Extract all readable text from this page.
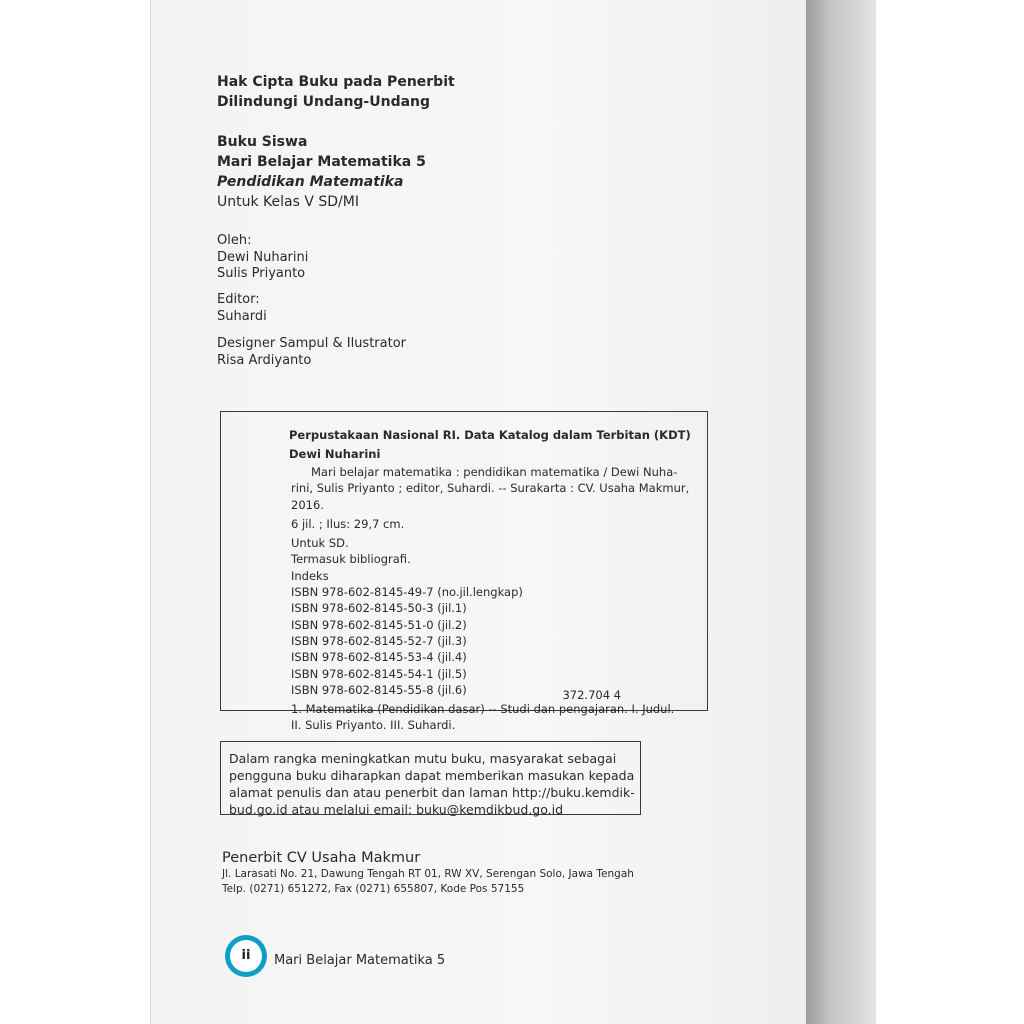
Hak Cipta Buku pada Penerbit
Dilindungi Undang-Undang
Buku Siswa
Mari Belajar Matematika 5
Pendidikan Matematika
Untuk Kelas V SD/MI
Oleh:
Dewi Nuharini
Sulis Priyanto
Editor:
Suhardi
Designer Sampul & Ilustrator
Risa Ardiyanto
Perpustakaan Nasional RI. Data Katalog dalam Terbitan (KDT)
Dewi Nuharini
Mari belajar matematika : pendidikan matematika / Dewi Nuha-
rini, Sulis Priyanto ; editor, Suhardi. -- Surakarta : CV. Usaha Makmur,
2016.
6 jil. ; Ilus: 29,7 cm.
Untuk SD.
Termasuk bibliografi.
Indeks
ISBN 978-602-8145-49-7 (no.jil.lengkap)
ISBN 978-602-8145-50-3 (jil.1)
ISBN 978-602-8145-51-0 (jil.2)
ISBN 978-602-8145-52-7 (jil.3)
ISBN 978-602-8145-53-4 (jil.4)
ISBN 978-602-8145-54-1 (jil.5)
ISBN 978-602-8145-55-8 (jil.6)
1. Matematika (Pendidikan dasar) -- Studi dan pengajaran. I. Judul.
II. Sulis Priyanto. III. Suhardi.
372.704 4
Dalam rangka meningkatkan mutu buku, masyarakat sebagai
pengguna buku diharapkan dapat memberikan masukan kepada
alamat penulis dan atau penerbit dan laman http://buku.kemdik-
bud.go.id atau melalui email: buku@kemdikbud.go.id
Penerbit CV Usaha Makmur
Jl. Larasati No. 21, Dawung Tengah RT 01, RW XV, Serengan Solo, Jawa Tengah
Telp. (0271) 651272, Fax (0271) 655807, Kode Pos 57155
ii	Mari Belajar Matematika 5
